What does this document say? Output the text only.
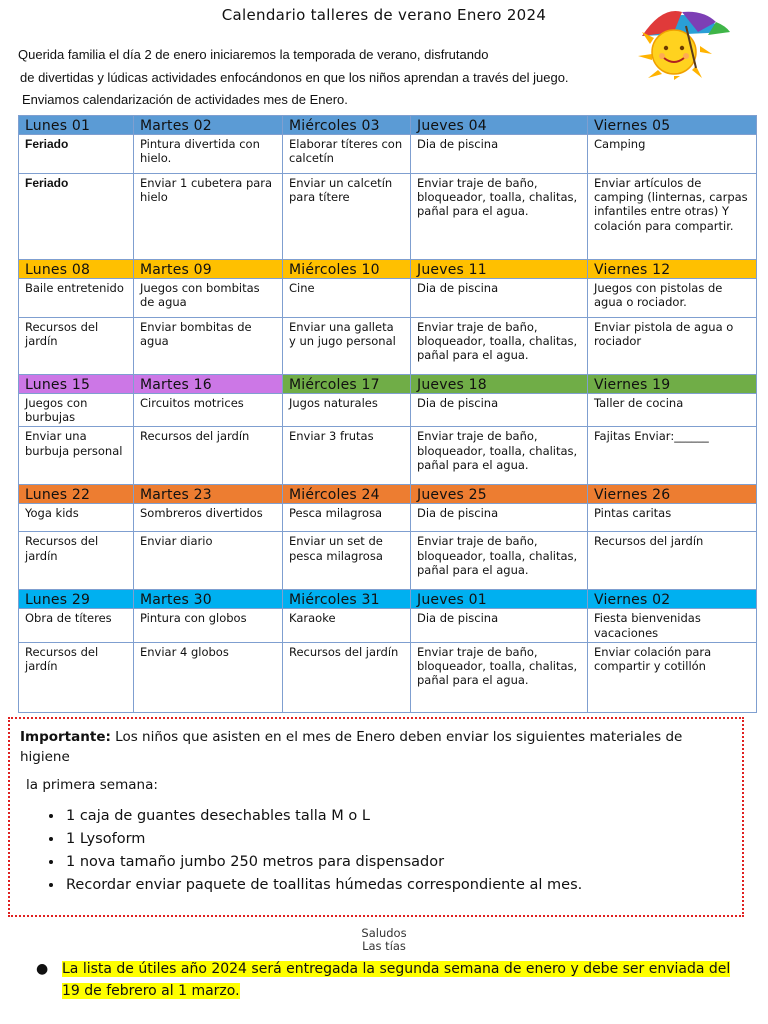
Calendario talleres de verano Enero 2024
Querida familia el día 2 de enero iniciaremos la temporada de verano, disfrutando
de divertidas y lúdicas actividades enfocándonos en que los niños aprendan a través del juego.
Enviamos calendarización de actividades mes de Enero.
Lunes 01	Martes 02	Miércoles 03	Jueves 04	Viernes 05
Feriado	Pintura divertida con hielo.	Elaborar títeres con calcetín	Dia de piscina	Camping
Feriado	Enviar 1 cubetera para hielo	Enviar un calcetín para títere	Enviar traje de baño, bloqueador, toalla, chalitas, pañal para el agua.	Enviar artículos de camping (linternas, carpas infantiles entre otras) Y colación para compartir.
Lunes 08	Martes 09	Miércoles 10	Jueves 11	Viernes 12
Baile entretenido	Juegos con bombitas de agua	Cine	Dia de piscina	Juegos con pistolas de agua o rociador.
Recursos del jardín	Enviar bombitas de agua	Enviar una galleta y un jugo personal	Enviar traje de baño, bloqueador, toalla, chalitas, pañal para el agua.	Enviar pistola de agua o rociador
Lunes 15	Martes 16	Miércoles 17	Jueves 18	Viernes 19
Juegos con burbujas	Circuitos motrices	Jugos naturales	Dia de piscina	Taller de cocina
Enviar una burbuja personal	Recursos del jardín	Enviar 3 frutas	Enviar traje de baño, bloqueador, toalla, chalitas, pañal para el agua.	Fajitas Enviar:______
Lunes 22	Martes 23	Miércoles 24	Jueves 25	Viernes 26
Yoga kids	Sombreros divertidos	Pesca milagrosa	Dia de piscina	Pintas caritas
Recursos del jardín	Enviar diario	Enviar un set de pesca milagrosa	Enviar traje de baño, bloqueador, toalla, chalitas, pañal para el agua.	Recursos del jardín
Lunes 29	Martes 30	Miércoles 31	Jueves 01	Viernes 02
Obra de títeres	Pintura con globos	Karaoke	Dia de piscina	Fiesta bienvenidas vacaciones
Recursos del jardín	Enviar 4 globos	Recursos del jardín	Enviar traje de baño, bloqueador, toalla, chalitas, pañal para el agua.	Enviar colación para compartir y cotillón
Importante: Los niños que asisten en el mes de Enero deben enviar los siguientes materiales de higiene
la primera semana:
• 1 caja de guantes desechables talla M o L
• 1 Lysoform
• 1 nova tamaño jumbo 250 metros para dispensador
• Recordar enviar paquete de toallitas húmedas correspondiente al mes.
Saludos
Las tías
● La lista de útiles año 2024 será entregada la segunda semana de enero y debe ser enviada del 19 de febrero al 1 marzo.
